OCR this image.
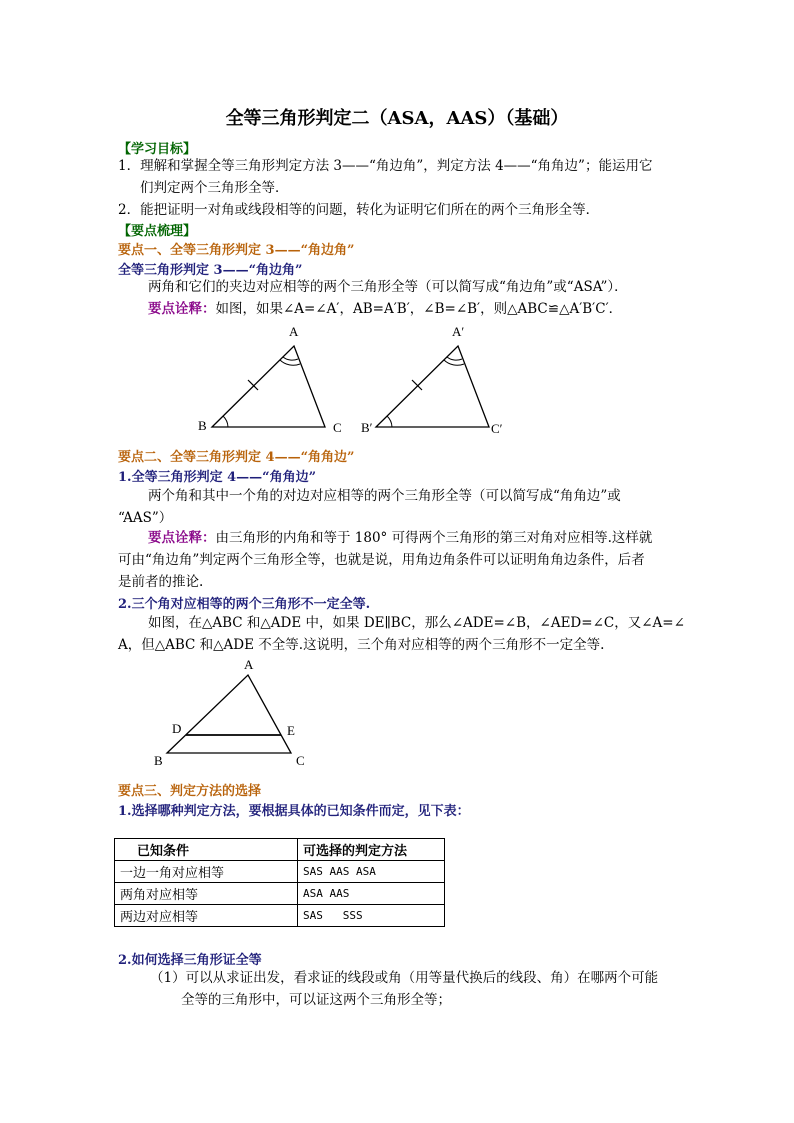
全等三角形判定二（ASA，AAS）（基础）
【学习目标】
1．理解和掌握全等三角形判定方法 3——“角边角”，判定方法 4——“角角边”；能运用它
们判定两个三角形全等．
2．能把证明一对角或线段相等的问题，转化为证明它们所在的两个三角形全等．
【要点梳理】
要点一、全等三角形判定 3——“角边角”
全等三角形判定 3——“角边角”
两角和它们的夹边对应相等的两个三角形全等（可以简写成“角边角”或“ASA”）．
要点诠释：如图，如果∠A=∠A′，AB=A′B′，∠B=∠B′，则△ABC≌△A′B′C′．
A
B	C
A′
B′	C′
要点二、全等三角形判定 4——“角角边”
1.全等三角形判定 4——“角角边”
两个角和其中一个角的对边对应相等的两个三角形全等（可以简写成“角角边”或
“AAS”）
要点诠释：由三角形的内角和等于 180° 可得两个三角形的第三对角对应相等.这样就
可由“角边角”判定两个三角形全等，也就是说，用角边角条件可以证明角角边条件，后者
是前者的推论.
2.三个角对应相等的两个三角形不一定全等.
如图，在△ABC 和△ADE 中，如果 DE∥BC，那么∠ADE=∠B，∠AED=∠C，又∠A=∠
A，但△ABC 和△ADE 不全等.这说明，三个角对应相等的两个三角形不一定全等.
A
D	E
B	C
要点三、判定方法的选择
1.选择哪种判定方法，要根据具体的已知条件而定，见下表：
已知条件	可选择的判定方法
一边一角对应相等	SAS AAS ASA
两角对应相等	ASA AAS
两边对应相等	SAS   SSS
2.如何选择三角形证全等
（1）可以从求证出发，看求证的线段或角（用等量代换后的线段、角）在哪两个可能
全等的三角形中，可以证这两个三角形全等；
